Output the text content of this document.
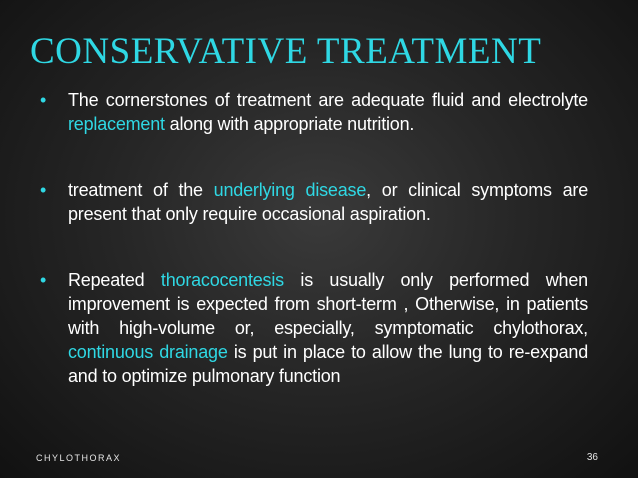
CONSERVATIVE TREATMENT
• The cornerstones of treatment are adequate fluid and electrolyte replacement along with appropriate nutrition.
• treatment of the underlying disease, or clinical symptoms are present that only require occasional aspiration.
• Repeated thoracocentesis is usually only performed when improvement is expected from short-term , Otherwise, in patients with high-volume or, especially, symptomatic chylothorax, continuous drainage is put in place to allow the lung to re-expand and to optimize pulmonary function
CHYLOTHORAX	36
